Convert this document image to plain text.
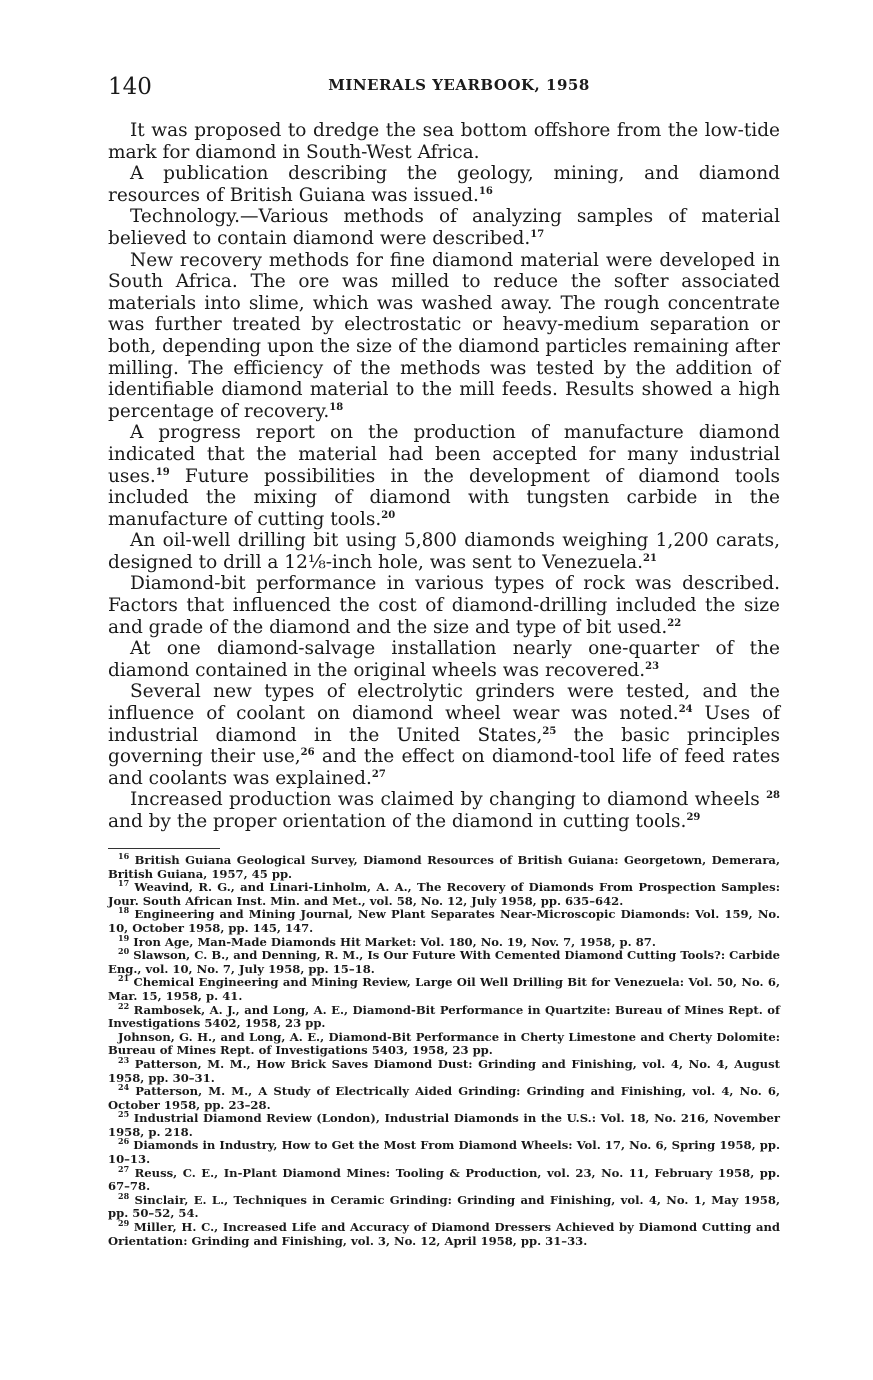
140	MINERALS YEARBOOK, 1958

It was proposed to dredge the sea bottom offshore from the low-tide mark for diamond in South-West Africa.

A publication describing the geology, mining, and diamond resources of British Guiana was issued.$^{16}$

Technology.—Various methods of analyzing samples of material believed to contain diamond were described.$^{17}$

New recovery methods for fine diamond material were developed in South Africa. The ore was milled to reduce the softer associated materials into slime, which was washed away. The rough concentrate was further treated by electrostatic or heavy-medium separation or both, depending upon the size of the diamond particles remaining after milling. The efficiency of the methods was tested by the addition of identifiable diamond material to the mill feeds. Results showed a high percentage of recovery.$^{18}$

A progress report on the production of manufacture diamond indicated that the material had been accepted for many industrial uses.$^{19}$ Future possibilities in the development of diamond tools included the mixing of diamond with tungsten carbide in the manufacture of cutting tools.$^{20}$

An oil-well drilling bit using 5,800 diamonds weighing 1,200 carats, designed to drill a 12⅛-inch hole, was sent to Venezuela.$^{21}$

Diamond-bit performance in various types of rock was described. Factors that influenced the cost of diamond-drilling included the size and grade of the diamond and the size and type of bit used.$^{22}$

At one diamond-salvage installation nearly one-quarter of the diamond contained in the original wheels was recovered.$^{23}$

Several new types of electrolytic grinders were tested, and the influence of coolant on diamond wheel wear was noted.$^{24}$ Uses of industrial diamond in the United States,$^{25}$ the basic principles governing their use,$^{26}$ and the effect on diamond-tool life of feed rates and coolants was explained.$^{27}$

Increased production was claimed by changing to diamond wheels $^{28}$ and by the proper orientation of the diamond in cutting tools.$^{29}$

$^{16}$ British Guiana Geological Survey, Diamond Resources of British Guiana: Georgetown, Demerara, British Guiana, 1957, 45 pp.

$^{17}$ Weavind, R. G., and Linari-Linholm, A. A., The Recovery of Diamonds From Prospection Samples: Jour. South African Inst. Min. and Met., vol. 58, No. 12, July 1958, pp. 635–642.

$^{18}$ Engineering and Mining Journal, New Plant Separates Near-Microscopic Diamonds: Vol. 159, No. 10, October 1958, pp. 145, 147.

$^{19}$ Iron Age, Man-Made Diamonds Hit Market: Vol. 180, No. 19, Nov. 7, 1958, p. 87.

$^{20}$ Slawson, C. B., and Denning, R. M., Is Our Future With Cemented Diamond Cutting Tools?: Carbide Eng., vol. 10, No. 7, July 1958, pp. 15–18.

$^{21}$ Chemical Engineering and Mining Review, Large Oil Well Drilling Bit for Venezuela: Vol. 50, No. 6, Mar. 15, 1958, p. 41.

$^{22}$ Rambosek, A. J., and Long, A. E., Diamond-Bit Performance in Quartzite: Bureau of Mines Rept. of Investigations 5402, 1958, 23 pp.

Johnson, G. H., and Long, A. E., Diamond-Bit Performance in Cherty Limestone and Cherty Dolomite: Bureau of Mines Rept. of Investigations 5403, 1958, 23 pp.

$^{23}$ Patterson, M. M., How Brick Saves Diamond Dust: Grinding and Finishing, vol. 4, No. 4, August 1958, pp. 30–31.

$^{24}$ Patterson, M. M., A Study of Electrically Aided Grinding: Grinding and Finishing, vol. 4, No. 6, October 1958, pp. 23–28.

$^{25}$ Industrial Diamond Review (London), Industrial Diamonds in the U.S.: Vol. 18, No. 216, November 1958, p. 218.

$^{26}$ Diamonds in Industry, How to Get the Most From Diamond Wheels: Vol. 17, No. 6, Spring 1958, pp. 10–13.

$^{27}$ Reuss, C. E., In-Plant Diamond Mines: Tooling & Production, vol. 23, No. 11, February 1958, pp. 67–78.

$^{28}$ Sinclair, E. L., Techniques in Ceramic Grinding: Grinding and Finishing, vol. 4, No. 1, May 1958, pp. 50–52, 54.

$^{29}$ Miller, H. C., Increased Life and Accuracy of Diamond Dressers Achieved by Diamond Cutting and Orientation: Grinding and Finishing, vol. 3, No. 12, April 1958, pp. 31–33.
